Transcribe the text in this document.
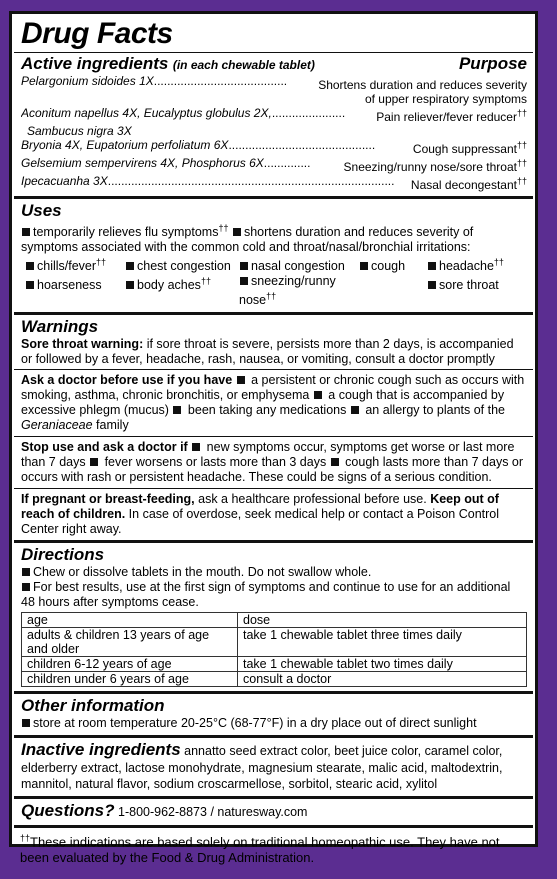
Drug Facts
Active ingredients (in each chewable tablet)	Purpose
Pelargonium sidoides 1X........................................	Shortens duration and reduces severity
of upper respiratory symptoms
Aconitum napellus 4X, Eucalyptus globulus 2X,......................	Pain reliever/fever reducer††
Sambucus nigra 3X
Bryonia 4X, Eupatorium perfoliatum 6X............................................	Cough suppressant††
Gelsemium sempervirens 4X, Phosphorus 6X..............	Sneezing/runny nose/sore throat††
Ipecacuanha 3X......................................................................................	Nasal decongestant††
Uses
temporarily relieves flu symptoms†† shortens duration and reduces severity of symptoms associated with the common cold and throat/nasal/bronchial irritations:
chills/fever††	chest congestion	nasal congestion	cough	headache††
hoarseness	body aches††	sneezing/runny nose††
sore throat
Warnings
Sore throat warning: if sore throat is severe, persists more than 2 days, is accompanied or followed by a fever, headache, rash, nausea, or vomiting, consult a doctor promptly
Ask a doctor before use if you have  a persistent or chronic cough such as occurs with smoking, asthma, chronic bronchitis, or emphysema  a cough that is accompanied by excessive phlegm (mucus)  been taking any medications  an allergy to plants of the Geraniaceae family
Stop use and ask a doctor if  new symptoms occur, symptoms get worse or last more than 7 days  fever worsens or lasts more than 3 days  cough lasts more than 7 days or occurs with rash or persistent headache. These could be signs of a serious condition.
If pregnant or breast-feeding, ask a healthcare professional before use. Keep out of reach of children. In case of overdose, seek medical help or contact a Poison Control Center right away.
Directions
Chew or dissolve tablets in the mouth. Do not swallow whole.
For best results, use at the first sign of symptoms and continue to use for an additional 48 hours after symptoms cease.
age	dose
adults & children 13 years of age and older	take 1 chewable tablet three times daily
children 6-12 years of age	take 1 chewable tablet two times daily
children under 6 years of age	consult a doctor
Other information
store at room temperature 20-25°C (68-77°F) in a dry place out of direct sunlight
Inactive ingredients annatto seed extract color, beet juice color, caramel color, elderberry extract, lactose monohydrate, magnesium stearate, malic acid, maltodextrin, mannitol, natural flavor, sodium croscarmellose, sorbitol, stearic acid, xylitol
Questions? 1-800-962-8873 / naturesway.com
††These indications are based solely on traditional homeopathic use. They have not been evaluated by the Food & Drug Administration.
